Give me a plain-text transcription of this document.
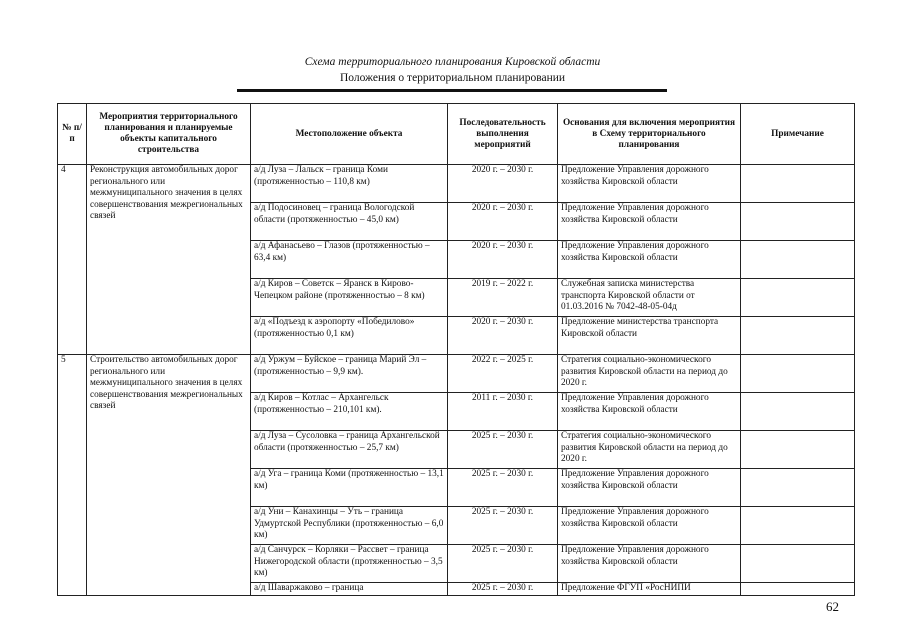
Схема территориального планирования Кировской области
Положения о территориальном планировании
№ п/п	Мероприятия территориального планирования и планируемые объекты капитального строительства	Местоположение объекта	Последовательность выполнения мероприятий	Основания для включения мероприятия в Схему территориального планирования	Примечание
4	Реконструкция автомобильных дорог регионального или межмуниципального значения в целях совершенствования межрегиональных связей	а/д Луза – Лальск – граница Коми (протяженностью – 110,8 км)	2020 г. – 2030 г.	Предложение Управления дорожного хозяйства Кировской области	
		а/д Подосиновец – граница Вологодской области (протяженностью – 45,0 км)	2020 г. – 2030 г.	Предложение Управления дорожного хозяйства Кировской области	
		а/д Афанасьево – Глазов (протяженностью – 63,4 км)	2020 г. – 2030 г.	Предложение Управления дорожного хозяйства Кировской области	
		а/д Киров – Советск – Яранск в Кирово-Чепецком районе (протяженностью – 8 км)	2019 г. – 2022 г.	Служебная записка министерства транспорта Кировской области от 01.03.2016 № 7042-48-05-04д	
		а/д «Подъезд к аэропорту «Победилово» (протяженностью 0,1 км)	2020 г. – 2030 г.	Предложение министерства транспорта Кировской области	
5	Строительство автомобильных дорог регионального или межмуниципального значения в целях совершенствования межрегиональных связей	а/д Уржум – Буйское – граница Марий Эл – (протяженностью – 9,9 км).	2022 г. – 2025 г.	Стратегия социально-экономического развития Кировской области на период до 2020 г.	
		а/д Киров – Котлас – Архангельск (протяженностью – 210,101 км).	2011 г. – 2030 г.	Предложение Управления дорожного хозяйства Кировской области	
		а/д Луза – Сусоловка – граница Архангельской области (протяженностью – 25,7 км)	2025 г. – 2030 г.	Стратегия социально-экономического развития Кировской области на период до 2020 г.	
		а/д Уга – граница Коми (протяженностью – 13,1 км)	2025 г. – 2030 г.	Предложение Управления дорожного хозяйства Кировской области	
		а/д Уни – Канахинцы – Уть – граница Удмуртской Республики (протяженностью – 6,0 км)	2025 г. – 2030 г.	Предложение Управления дорожного хозяйства Кировской области	
		а/д Санчурск – Корляки – Рассвет – граница Нижегородской области (протяженностью – 3,5 км)	2025 г. – 2030 г.	Предложение Управления дорожного хозяйства Кировской области	
		а/д Шаваржаково – граница	2025 г. – 2030 г.	Предложение ФГУП «РосНИПИ	
62
